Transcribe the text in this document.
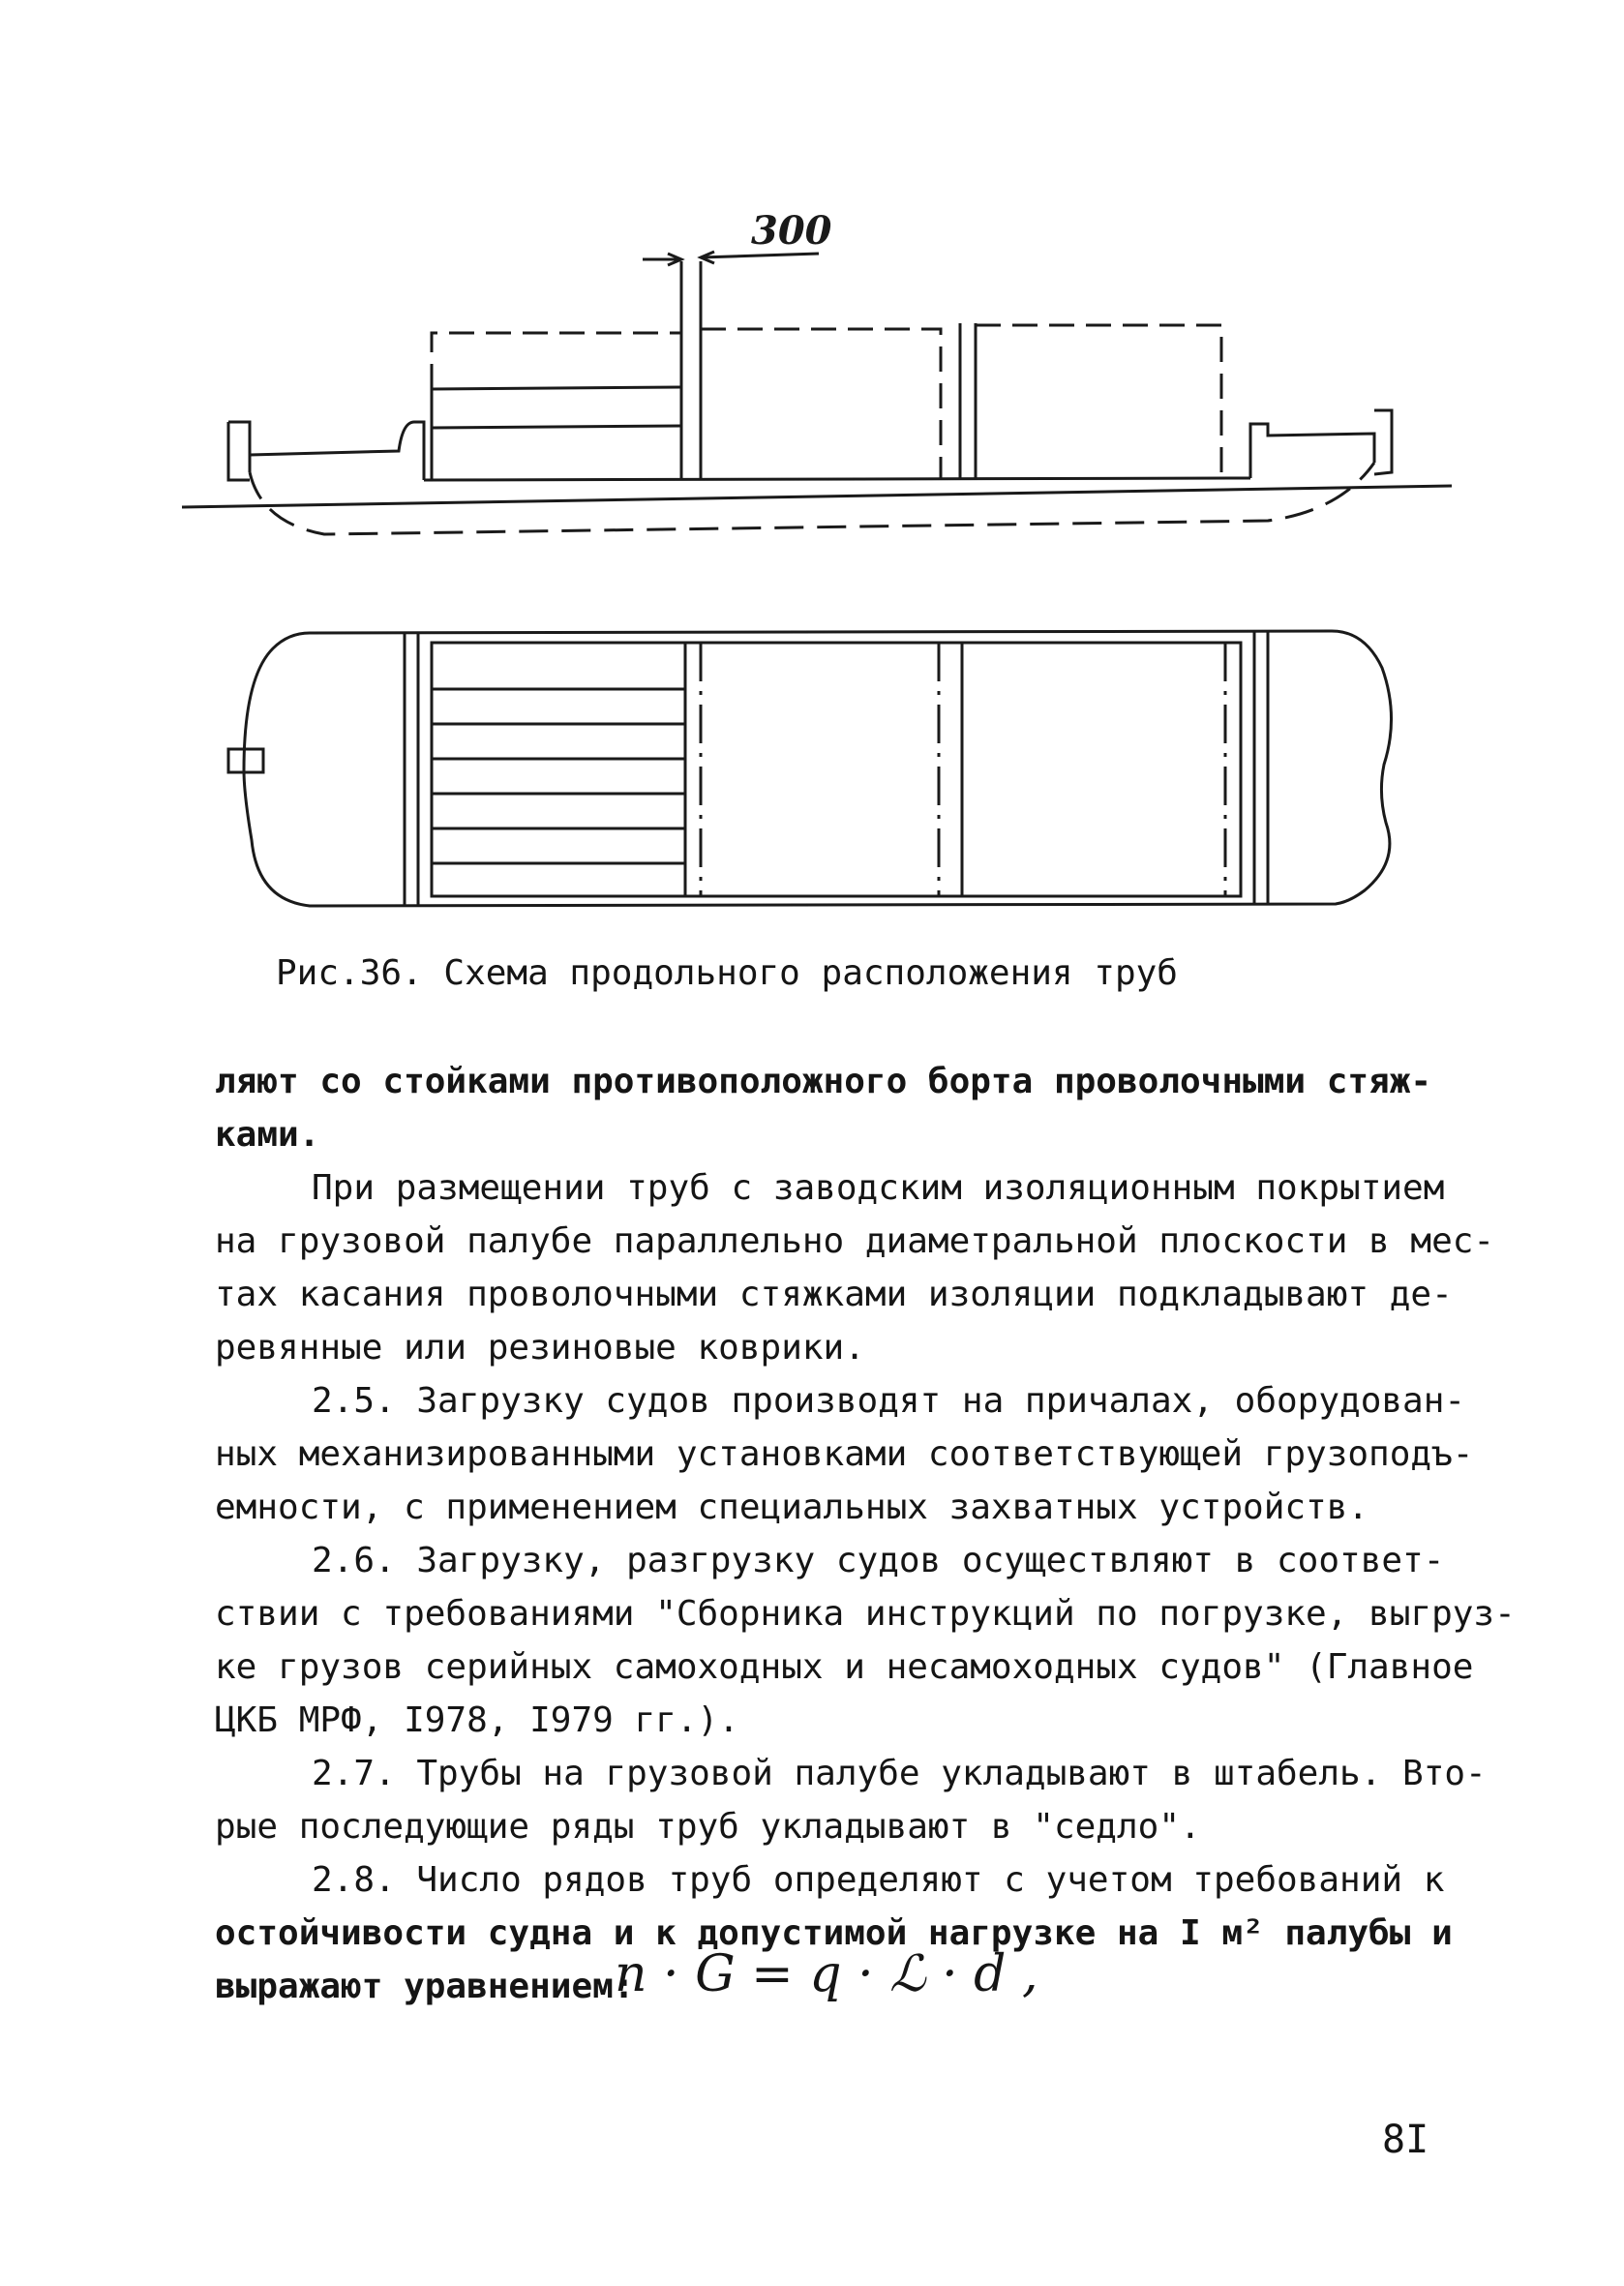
300
Рис.36. Схема продольного расположения труб
ляют со стойками противоположного борта проволочными стяж-
ками.
При размещении труб с заводским изоляционным покрытием
на грузовой палубе параллельно диаметральной плоскости в мес-
тах касания проволочными стяжками изоляции подкладывают де-
ревянные или резиновые коврики.
2.5. Загрузку судов производят на причалах, оборудован-
ных механизированными установками соответствующей грузоподъ-
емности, с применением специальных захватных устройств.
2.6. Загрузку, разгрузку судов осуществляют в соответ-
ствии с требованиями "Сборника инструкций по погрузке, выгруз-
ке грузов серийных самоходных и несамоходных судов" (Главное
ЦКБ МРФ, I978, I979 гг.).
2.7. Трубы на грузовой палубе укладывают в штабель. Вто-
рые последующие ряды труб укладывают в "седло".
2.8. Число рядов труб определяют с учетом требований к
остойчивости судна и к допустимой нагрузке на I м² палубы и
выражают уравнением:
n · G = q · ℒ · d ,
8I
